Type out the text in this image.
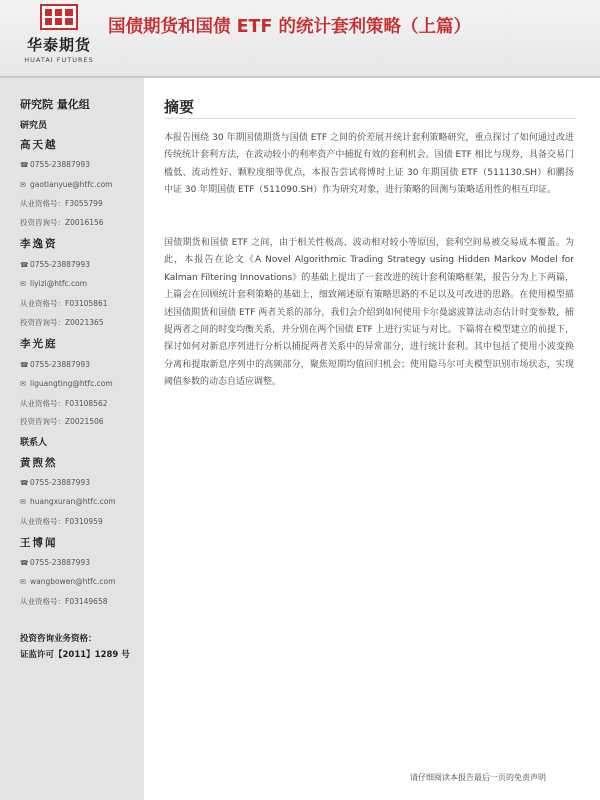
华泰期货
HUATAI FUTURES
国债期货和国债 ETF 的统计套利策略（上篇）
研究院 量化组
研究员
高天越
☎0755-23887993
✉ gaotianyue@htfc.com
从业资格号：F3055799
投资咨询号：Z0016156
李逸资
☎0755-23887993
✉ liyizi@htfc.com
从业资格号：F03105861
投资咨询号：Z0021365
李光庭
☎0755-23887993
✉ liguangting@htfc.com
从业资格号：F03108562
投资咨询号：Z0021506
联系人
黄煦然
☎0755-23887993
✉ huangxuran@htfc.com
从业资格号：F0310959
王博闻
☎0755-23887993
✉ wangbowen@htfc.com
从业资格号：F03149658
投资咨询业务资格：
证监许可【2011】1289 号
摘要
本报告围绕 30 年期国债期货与国债 ETF 之间的价差展开统计套利策略研究，重点探讨了如何通过改进传统统计套利方法，在波动较小的利率资产中捕捉有效的套利机会。国债 ETF 相比与现券，具备交易门槛低、流动性好、颗粒度细等优点，本报告尝试将博时上证 30 年期国债 ETF（511130.SH）和鹏扬中证 30 年期国债 ETF（511090.SH）作为研究对象，进行策略的回测与策略适用性的相互印证。
国债期货和国债 ETF 之间，由于相关性极高、波动相对较小等原因，套利空间易被交易成本覆盖。为此，本报告在论文《A Novel Algorithmic Trading Strategy using Hidden Markov Model for Kalman Filtering Innovations》的基础上提出了一套改进的统计套利策略框架，报告分为上下两篇，上篇会在回顾统计套利策略的基础上，细致阐述原有策略思路的不足以及可改进的思路。在使用模型描述国债期货和国债 ETF 两者关系的部分，我们会介绍到如何使用卡尔曼滤波算法动态估计时变参数，捕捉两者之间的时变均衡关系，并分别在两个国债 ETF 上进行实证与对比。下篇将在模型建立的前提下，探讨如何对新息序列进行分析以捕捉两者关系中的异常部分，进行统计套利。其中包括了使用小波变换分离和提取新息序列中的高频部分，聚焦短期均值回归机会；使用隐马尔可夫模型识别市场状态，实现阈值参数的动态自适应调整。
请仔细阅读本报告最后一页的免责声明
